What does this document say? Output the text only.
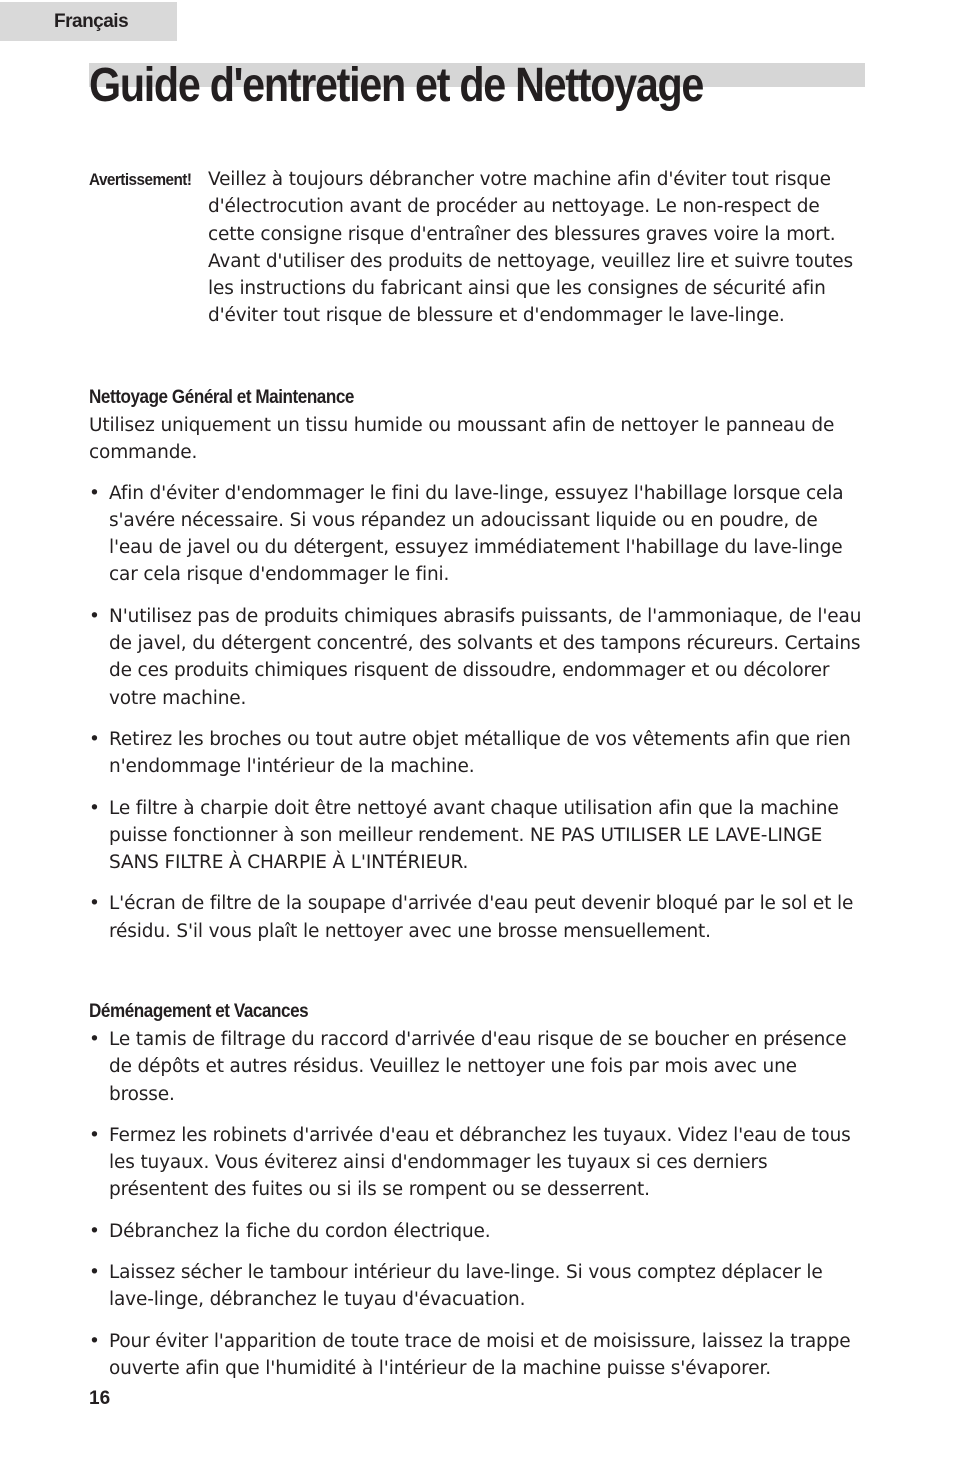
Français
Guide d'entretien et de Nettoyage
Avertissement! Veillez à toujours débrancher votre machine afin d'éviter tout risque d'électrocution avant de procéder au nettoyage. Le non-respect de cette consigne risque d'entraîner des blessures graves voire la mort. Avant d'utiliser des produits de nettoyage, veuillez lire et suivre toutes les instructions du fabricant ainsi que les consignes de sécurité afin d'éviter tout risque de blessure et d'endommager le lave-linge.

Nettoyage Général et Maintenance

Utilisez uniquement un tissu humide ou moussant afin de nettoyer le panneau de commande.

• Afin d'éviter d'endommager le fini du lave-linge, essuyez l'habillage lorsque cela s'avére nécessaire. Si vous répandez un adoucissant liquide ou en poudre, de l'eau de javel ou du détergent, essuyez immédiatement l'habillage du lave-linge car cela risque d'endommager le fini.
• N'utilisez pas de produits chimiques abrasifs puissants, de l'ammoniaque, de l'eau de javel, du détergent concentré, des solvants et des tampons récureurs. Certains de ces produits chimiques risquent de dissoudre, endommager et ou décolorer votre machine.
• Retirez les broches ou tout autre objet métallique de vos vêtements afin que rien n'endommage l'intérieur de la machine.
• Le filtre à charpie doit être nettoyé avant chaque utilisation afin que la machine puisse fonctionner à son meilleur rendement. NE PAS UTILISER LE LAVE-LINGE SANS FILTRE À CHARPIE À L'INTÉRIEUR.
• L'écran de filtre de la soupape d'arrivée d'eau peut devenir bloqué par le sol et le résidu. S'il vous plaît le nettoyer avec une brosse mensuellement.
Déménagement et Vacances
• Le tamis de filtrage du raccord d'arrivée d'eau risque de se boucher en présence de dépôts et autres résidus. Veuillez le nettoyer une fois par mois avec une brosse.
• Fermez les robinets d'arrivée d'eau et débranchez les tuyaux. Videz l'eau de tous les tuyaux. Vous éviterez ainsi d'endommager les tuyaux si ces derniers présentent des fuites ou si ils se rompent ou se desserrent.
• Débranchez la fiche du cordon électrique.
• Laissez sécher le tambour intérieur du lave-linge. Si vous comptez déplacer le lave-linge, débranchez le tuyau d'évacuation.
• Pour éviter l'apparition de toute trace de moisi et de moisissure, laissez la trappe ouverte afin que l'humidité à l'intérieur de la machine puisse s'évaporer.
16
